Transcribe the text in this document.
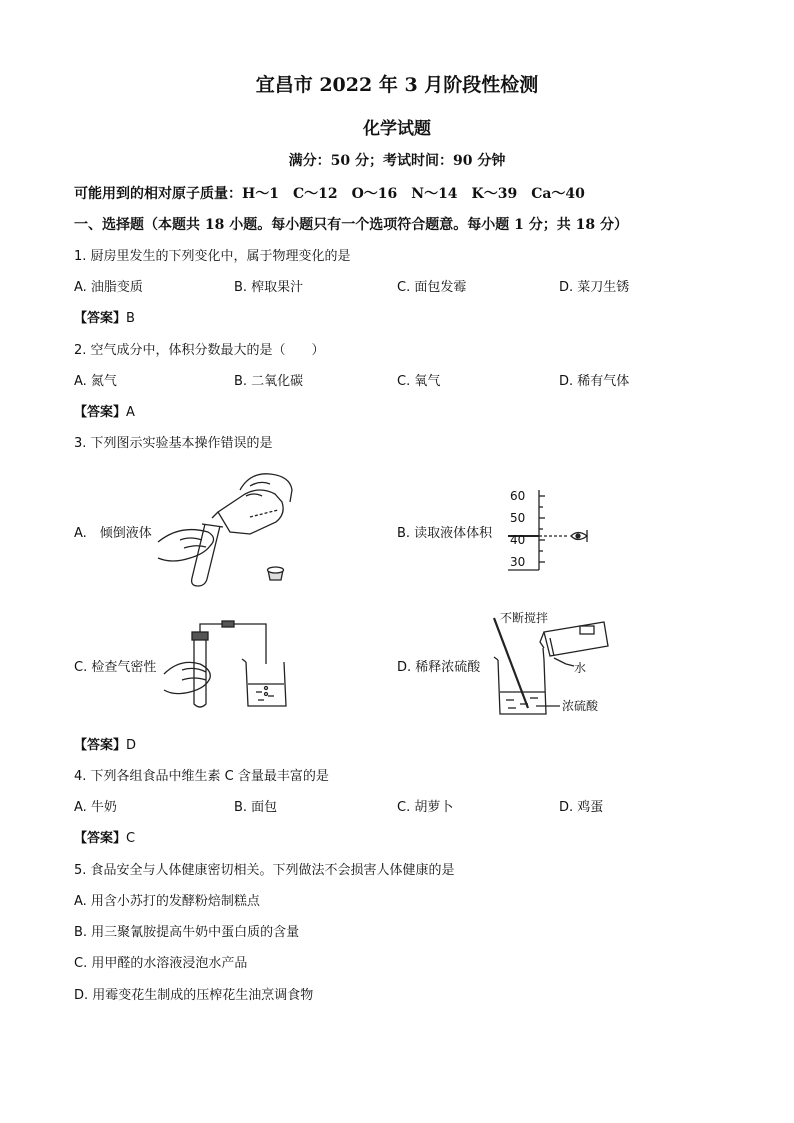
宜昌市 2022 年 3 月阶段性检测
化学试题
满分：50 分；考试时间：90 分钟
可能用到的相对原子质量：H～1　C～12　O～16　N～14　K～39　Ca～40
一、选择题（本题共 18 小题。每小题只有一个选项符合题意。每小题 1 分；共 18 分）
1. 厨房里发生的下列变化中，属于物理变化的是
A. 油脂变质	B. 榨取果汁	C. 面包发霉	D. 菜刀生锈
【答案】B
2. 空气成分中，体积分数最大的是（　　）
A. 氮气	B. 二氧化碳	C. 氧气	D. 稀有气体
【答案】A
3. 下列图示实验基本操作错误的是
A.　倾倒液体	B. 读取液体体积
C. 检查气密性	D. 稀释浓硫酸
60
50
40
30
不断搅拌
水
浓硫酸
【答案】D
4. 下列各组食品中维生素 C 含量最丰富的是
A. 牛奶	B. 面包	C. 胡萝卜	D. 鸡蛋
【答案】C
5. 食品安全与人体健康密切相关。下列做法不会损害人体健康的是
A. 用含小苏打的发酵粉焙制糕点
B. 用三聚氰胺提高牛奶中蛋白质的含量
C. 用甲醛的水溶液浸泡水产品
D. 用霉变花生制成的压榨花生油烹调食物
